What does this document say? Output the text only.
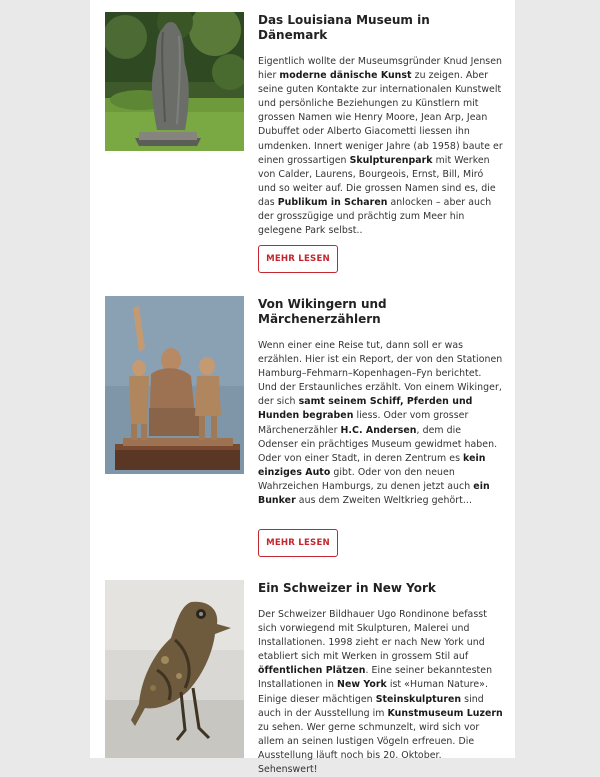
Das Louisiana Museum in Dänemark

Eigentlich wollte der Museumsgründer Knud Jensen hier moderne dänische Kunst zu zeigen. Aber seine guten Kontakte zur internationalen Kunstwelt und persönliche Beziehungen zu Künstlern mit grossen Namen wie Henry Moore, Jean Arp, Jean Dubuffet oder Alberto Giacometti liessen ihn umdenken. Innert weniger Jahre (ab 1958) baute er einen grossartigen Skulpturenpark mit Werken von Calder, Laurens, Bourgeois, Ernst, Bill, Miró und so weiter auf. Die grossen Namen sind es, die das Publikum in Scharen anlocken – aber auch der grosszügige und prächtig zum Meer hin gelegene Park selbst..

MEHR LESEN
Von Wikingern und Märchenerzählern

Wenn einer eine Reise tut, dann soll er was erzählen. Hier ist ein Report, der von den Stationen Hamburg–Fehmarn–Kopenhagen–Fyn berichtet. Und der Erstaunliches erzählt. Von einem Wikinger, der sich samt seinem Schiff, Pferden und Hunden begraben liess. Oder vom grosser Märchenerzähler H.C. Andersen, dem die Odenser ein prächtiges Museum gewidmet haben. Oder von einer Stadt, in deren Zentrum es kein einziges Auto gibt. Oder von den neuen Wahrzeichen Hamburgs, zu denen jetzt auch ein Bunker aus dem Zweiten Weltkrieg gehört...

MEHR LESEN
Ein Schweizer in New York

Der Schweizer Bildhauer Ugo Rondinone befasst sich vorwiegend mit Skulpturen, Malerei und Installationen. 1998 zieht er nach New York und etabliert sich mit Werken in grossem Stil auf öffentlichen Plätzen. Eine seiner bekanntesten Installationen in New York ist «Human Nature». Einige dieser mächtigen Steinskulpturen sind auch in der Ausstellung im Kunstmuseum Luzern zu sehen. Wer gerne schmunzelt, wird sich vor allem an seinen lustigen Vögeln erfreuen. Die Ausstellung läuft noch bis 20. Oktober. Sehenswert!
